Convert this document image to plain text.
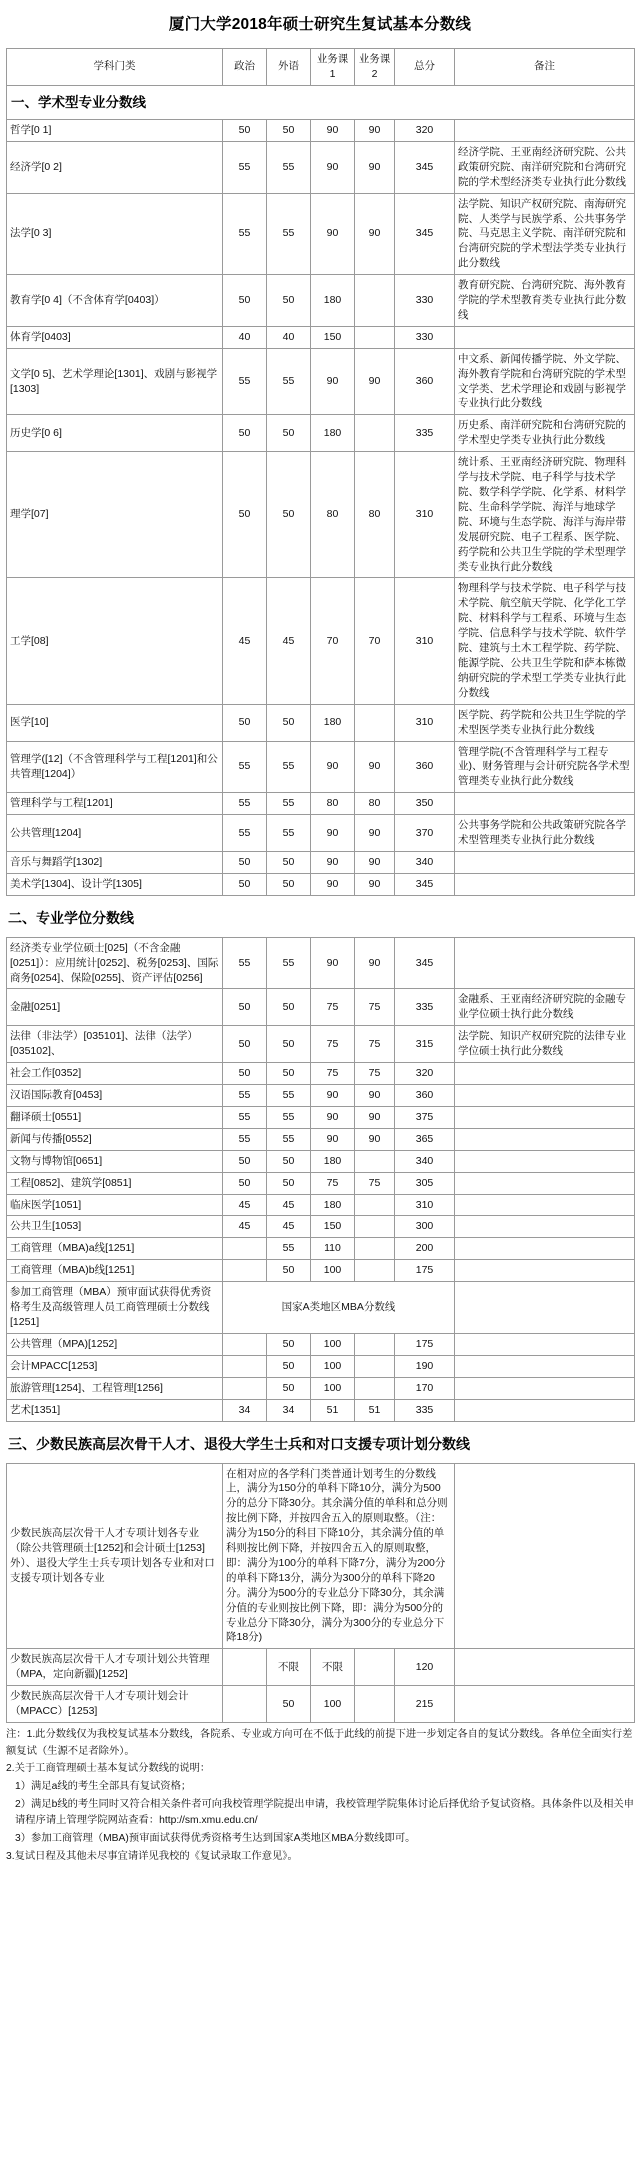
厦门大学2018年硕士研究生复试基本分数线
学科门类	政治	外语	业务课1	业务课2	总分	备注
一、学术型专业分数线						
哲学[0 1]	50	50	90	90	320	
经济学[0 2]	55	55	90	90	345	经济学院、王亚南经济研究院、公共政策研究院、南洋研究院和台湾研究院的学术型经济类专业执行此分数线
法学[0 3]	55	55	90	90	345	法学院、知识产权研究院、南海研究院、人类学与民族学系、公共事务学院、马克思主义学院、南洋研究院和台湾研究院的学术型法学类专业执行此分数线
教育学[0 4]（不含体育学[0403]）	50	50	180		330	教育研究院、台湾研究院、海外教育学院的学术型教育类专业执行此分数线
体育学[0403]	40	40	150		330	
文学[0 5]、艺术学理论[1301]、戏剧与影视学[1303]	55	55	90	90	360	中文系、新闻传播学院、外文学院、海外教育学院和台湾研究院的学术型文学类、艺术学理论和戏剧与影视学专业执行此分数线
历史学[0 6]	50	50	180		335	历史系、南洋研究院和台湾研究院的学术型史学类专业执行此分数线
理学[07]	50	50	80	80	310	统计系、王亚南经济研究院、物理科学与技术学院、电子科学与技术学院、数学科学学院、化学系、材料学院、生命科学学院、海洋与地球学院、环境与生态学院、海洋与海岸带发展研究院、电子工程系、医学院、药学院和公共卫生学院的学术型理学类专业执行此分数线
工学[08]	45	45	70	70	310	物理科学与技术学院、电子科学与技术学院、航空航天学院、化学化工学院、材料科学与工程系、环境与生态学院、信息科学与技术学院、软件学院、建筑与土木工程学院、药学院、能源学院、公共卫生学院和萨本栋微纳研究院的学术型工学类专业执行此分数线
医学[10]	50	50	180		310	医学院、药学院和公共卫生学院的学术型医学类专业执行此分数线
管理学([12]（不含管理科学与工程[1201]和公共管理[1204]）	55	55	90	90	360	管理学院(不含管理科学与工程专业)、财务管理与会计研究院各学术型管理类专业执行此分数线
管理科学与工程[1201]	55	55	80	80	350	
公共管理[1204]	55	55	90	90	370	公共事务学院和公共政策研究院各学术型管理类专业执行此分数线
音乐与舞蹈学[1302]	50	50	90	90	340	
美术学[1304]、设计学[1305]	50	50	90	90	345	
二、专业学位分数线
经济类专业学位硕士[025]（不含金融[0251]）：应用统计[0252]、税务[0253]、国际商务[0254]、保险[0255]、资产评估[0256]	55	55	90	90	345	
金融[0251]	50	50	75	75	335	金融系、王亚南经济研究院的金融专业学位硕士执行此分数线
法律（非法学）[035101]、法律（法学）[035102]、	50	50	75	75	315	法学院、知识产权研究院的法律专业学位硕士执行此分数线
社会工作[0352]	50	50	75	75	320	
汉语国际教育[0453]	55	55	90	90	360	
翻译硕士[0551]	55	55	90	90	375	
新闻与传播[0552]	55	55	90	90	365	
文物与博物馆[0651]	50	50	180		340	
工程[0852]、建筑学[0851]	50	50	75	75	305	
临床医学[1051]	45	45	180		310	
公共卫生[1053]	45	45	150		300	
工商管理（MBA)a线[1251]		55	110		200	
工商管理（MBA)b线[1251]		50	100		175	
参加工商管理（MBA）预审面试获得优秀资格考生及高级管理人员工商管理硕士分数线[1251]	国家A类地区MBA分数线					
公共管理（MPA)[1252]		50	100		175	
会计MPACC[1253]		50	100		190	
旅游管理[1254]、工程管理[1256]		50	100		170	
艺术[1351]	34	34	51	51	335	
三、少数民族高层次骨干人才、退役大学生士兵和对口支援专项计划分数线
少数民族高层次骨干人才专项计划各专业（除公共管理硕士[1252]和会计硕士[1253]外）、退役大学生士兵专项计划各专业和对口支援专项计划各专业	在相对应的各学科门类普通计划考生的分数线上，满分为150分的单科下降10分，满分为500分的总分下降30分。其余满分值的单科和总分则按比例下降，并按四舍五入的原则取整。（注：满分为150分的科目下降10分，其余满分值的单科则按比例下降，并按四舍五入的原则取整，即：满分为100分的单科下降7分，满分为200分的单科下降13分，满分为300分的单科下降20分。满分为500分的专业总分下降30分，其余满分值的专业则按比例下降，即：满分为500分的专业总分下降30分，满分为300分的专业总分下降18分)					
少数民族高层次骨干人才专项计划公共管理（MPA，定向新疆)[1252]		不限	不限		120	
少数民族高层次骨干人才专项计划会计（MPACC）[1253]		50	100		215	

注：1.此分数线仅为我校复试基本分数线，各院系、专业或方向可在不低于此线的前提下进一步划定各自的复试分数线。各单位全面实行差额复试（生源不足者除外）。

2.关于工商管理硕士基本复试分数线的说明：

1）满足a线的考生全部具有复试资格；

2）满足b线的考生同时又符合相关条件者可向我校管理学院提出申请，我校管理学院集体讨论后择优给予复试资格。具体条件以及相关申请程序请上管理学院网站查看：http://sm.xmu.edu.cn/

3）参加工商管理（MBA)预审面试获得优秀资格考生达到国家A类地区MBA分数线即可。

3.复试日程及其他未尽事宜请详见我校的《复试录取工作意见》。
